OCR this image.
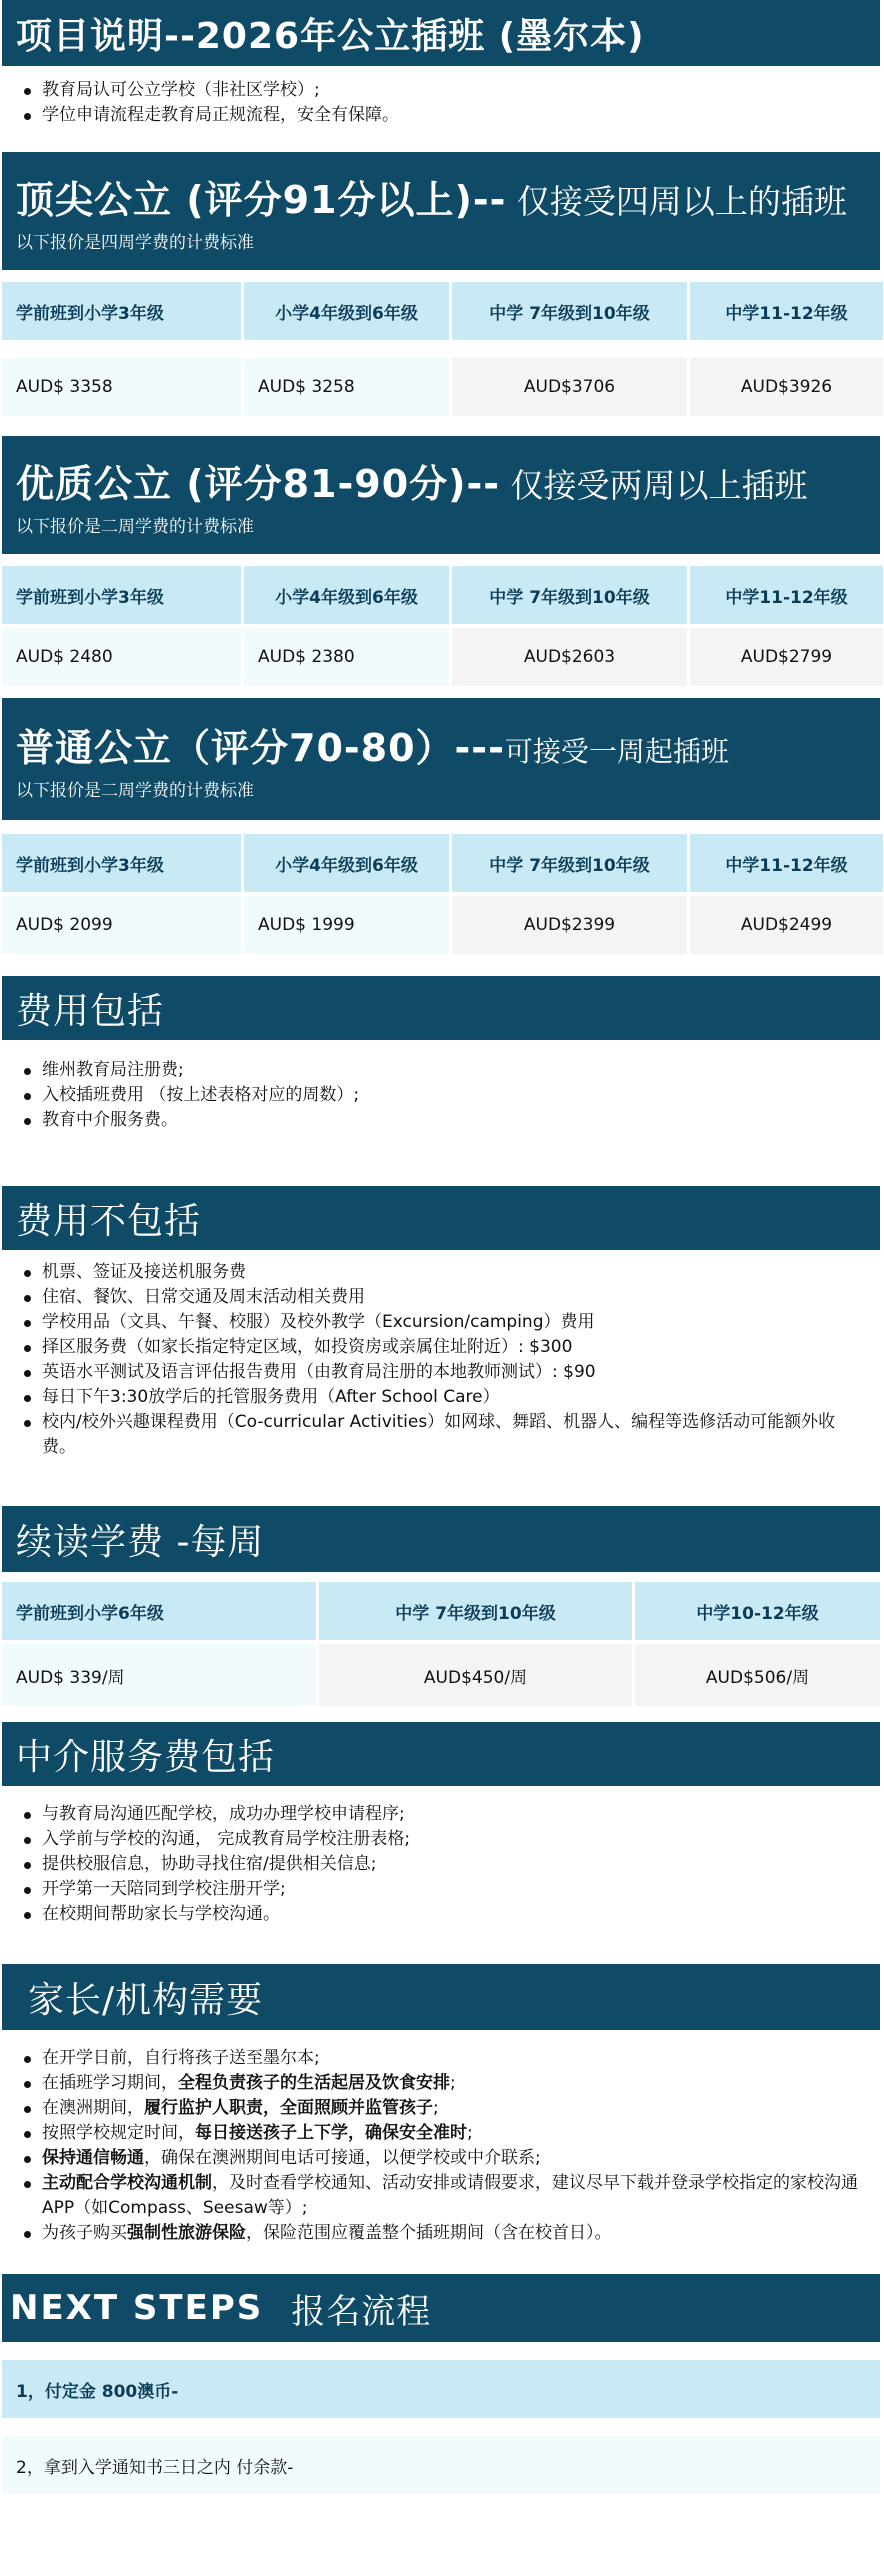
项目说明--2026年公立插班 (墨尔本)
教育局认可公立学校（非社区学校）;
学位申请流程走教育局正规流程，安全有保障。
顶尖公立 (评分91分以上)-- 仅接受四周以上的插班
以下报价是四周学费的计费标准
学前班到小学3年级	小学4年级到6年级	中学 7年级到10年级	中学11-12年级
AUD$ 3358	AUD$ 3258	AUD$3706	AUD$3926
优质公立 (评分81-90分)-- 仅接受两周以上插班
以下报价是二周学费的计费标准
学前班到小学3年级	小学4年级到6年级	中学 7年级到10年级	中学11-12年级
AUD$ 2480	AUD$ 2380	AUD$2603	AUD$2799
普通公立（评分70-80）---可接受一周起插班
以下报价是二周学费的计费标准
学前班到小学3年级	小学4年级到6年级	中学 7年级到10年级	中学11-12年级
AUD$ 2099	AUD$ 1999	AUD$2399	AUD$2499
费用包括
维州教育局注册费;
入校插班费用 （按上述表格对应的周数）;
教育中介服务费。
费用不包括
机票、签证及接送机服务费
住宿、餐饮、日常交通及周末活动相关费用
学校用品（文具、午餐、校服）及校外教学（Excursion/camping）费用
择区服务费（如家长指定特定区域，如投资房或亲属住址附近）: $300
英语水平测试及语言评估报告费用（由教育局注册的本地教师测试）: $90
每日下午3:30放学后的托管服务费用（After School Care）
校内/校外兴趣课程费用（Co-curricular Activities）如网球、舞蹈、机器人、编程等选修活动可能额外收费。
续读学费 -每周
学前班到小学6年级	中学 7年级到10年级	中学10-12年级
AUD$ 339/周	AUD$450/周	AUD$506/周
中介服务费包括
与教育局沟通匹配学校，成功办理学校申请程序;
入学前与学校的沟通， 完成教育局学校注册表格;
提供校服信息，协助寻找住宿/提供相关信息;
开学第一天陪同到学校注册开学;
在校期间帮助家长与学校沟通。
家长/机构需要
在开学日前，自行将孩子送至墨尔本;
在插班学习期间，全程负责孩子的生活起居及饮食安排;
在澳洲期间，履行监护人职责，全面照顾并监管孩子;
按照学校规定时间，每日接送孩子上下学，确保安全准时;
保持通信畅通，确保在澳洲期间电话可接通，以便学校或中介联系;
主动配合学校沟通机制，及时查看学校通知、活动安排或请假要求，建议尽早下载并登录学校指定的家校沟通APP（如Compass、Seesaw等）;
为孩子购买强制性旅游保险，保险范围应覆盖整个插班期间（含在校首日）。
NEXT STEPS 报名流程
1，付定金 800澳币-
2，拿到入学通知书三日之内 付余款-
